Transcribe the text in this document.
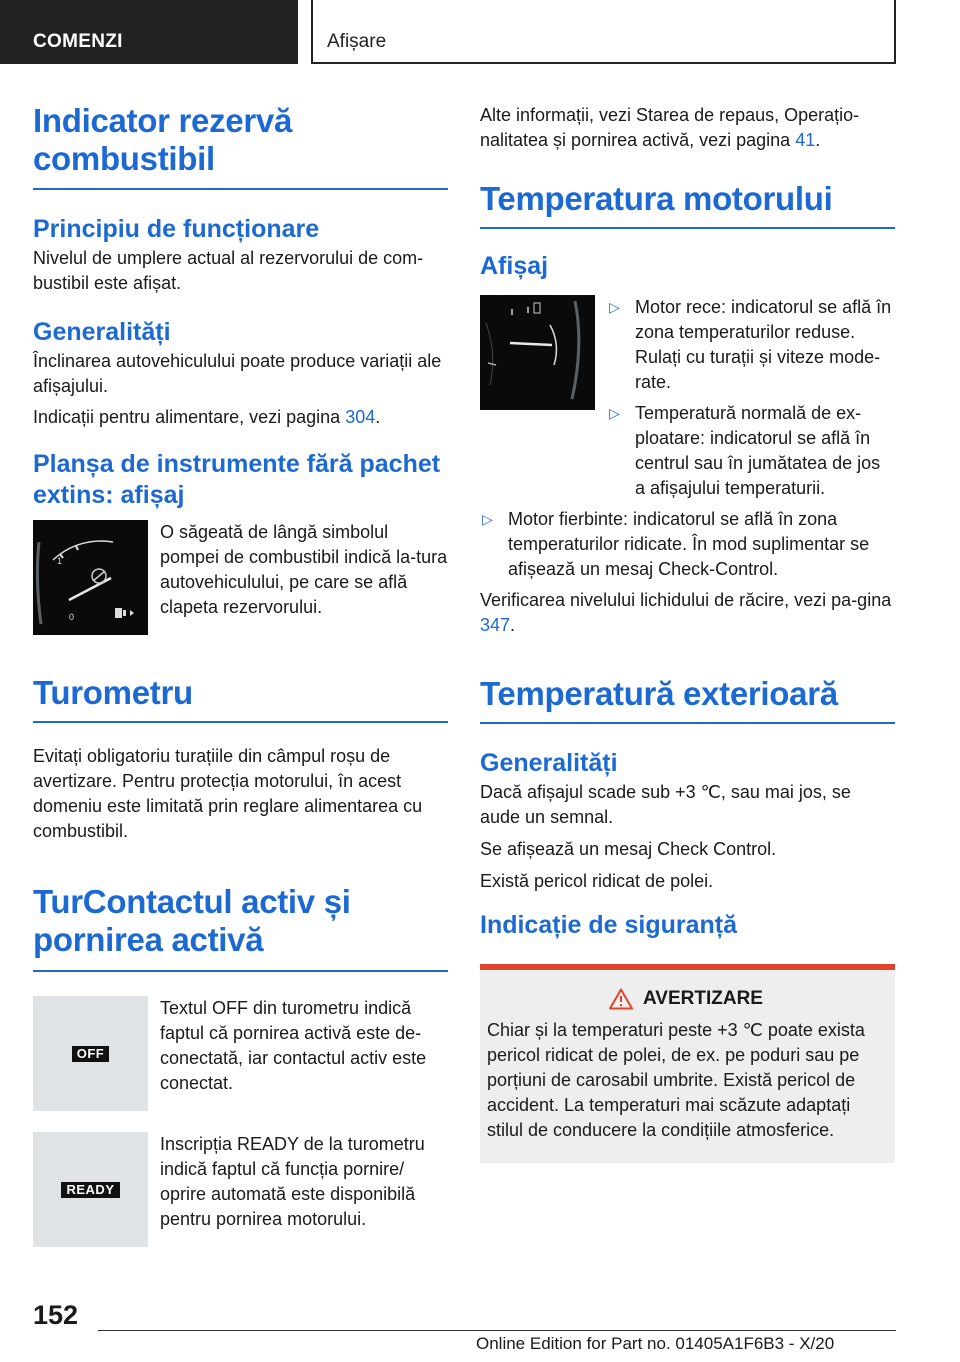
COMENZI	Afișare
Indicator rezervă combustibil
Principiu de funcționare
Nivelul de umplere actual al rezervorului de com-bustibil este afișat.
Generalități
Înclinarea autovehiculului poate produce variații ale afișajului.
Indicații pentru alimentare, vezi pagina 304.
Planșa de instrumente fără pachet extins: afișaj
1
0
O săgeată de lângă simbolul pompei de combustibil indică la-tura autovehiculului, pe care se află clapeta rezervorului.
Turometru
Evitați obligatoriu turațiile din câmpul roșu de avertizare. Pentru protecția motorului, în acest domeniu este limitată prin reglare alimentarea cu combustibil.
TurContactul activ și pornirea activă
OFF
Textul OFF din turometru indică faptul că pornirea activă este de-conectată, iar contactul activ este conectat.
READY
Inscripția READY de la turometru indică faptul că funcția pornire/ oprire automată este disponibilă pentru pornirea motorului.
Alte informații, vezi Starea de repaus, Operațio-nalitatea și pornirea activă, vezi pagina 41.
Temperatura motorului
Afișaj
▷ Motor rece: indicatorul se află în zona temperaturilor reduse. Rulați cu turații și viteze mode-rate.
▷ Temperatură normală de ex-ploatare: indicatorul se află în centrul sau în jumătatea de jos a afișajului temperaturii.
▷ Motor fierbinte: indicatorul se află în zona temperaturilor ridicate. În mod suplimentar se afișează un mesaj Check-Control.
Verificarea nivelului lichidului de răcire, vezi pa-gina 347.
Temperatură exterioară
Generalități
Dacă afișajul scade sub +3 ℃, sau mai jos, se aude un semnal.
Se afișează un mesaj Check Control.
Există pericol ridicat de polei.
Indicație de siguranță
AVERTIZARE
Chiar și la temperaturi peste +3 ℃ poate exista pericol ridicat de polei, de ex. pe poduri sau pe porțiuni de carosabil umbrite. Există pericol de accident. La temperaturi mai scăzute adaptați stilul de conducere la condițiile atmosferice.
152
Online Edition for Part no. 01405A1F6B3 - X/20
